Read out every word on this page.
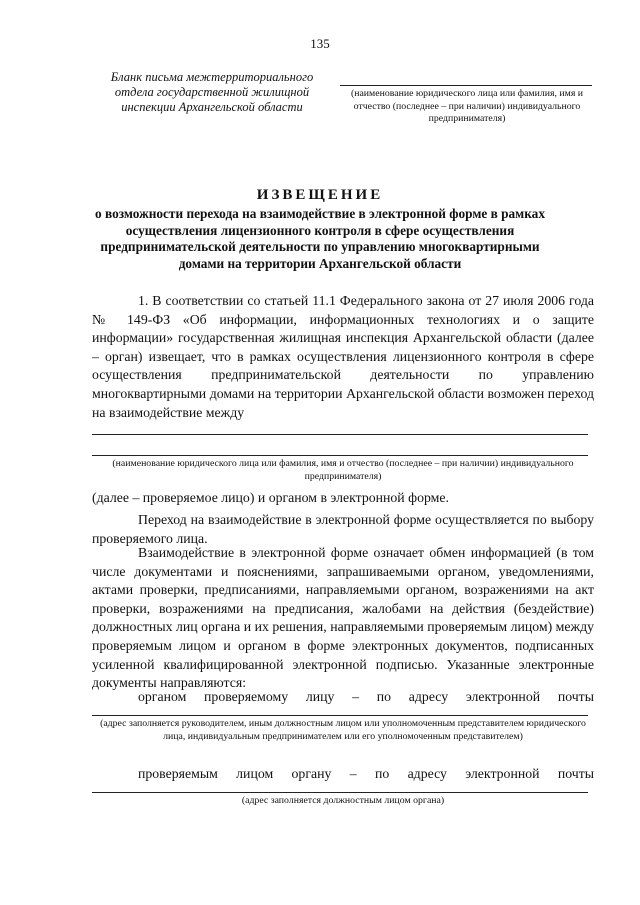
135
Бланк письма межтерриториального отдела государственной жилищной инспекции Архангельской области
(наименование юридического лица или фамилия, имя и отчество (последнее – при наличии) индивидуального предпринимателя)
ИЗВЕЩЕНИЕ
о возможности перехода на взаимодействие в электронной форме в рамках осуществления лицензионного контроля в сфере осуществления предпринимательской деятельности по управлению многоквартирными домами на территории Архангельской области
1. В соответствии со статьей 11.1 Федерального закона от 27 июля 2006 года № 149-ФЗ «Об информации, информационных технологиях и о защите информации» государственная жилищная инспекция Архангельской области (далее – орган) извещает, что в рамках осуществления лицензионного контроля в сфере осуществления предпринимательской деятельности по управлению многоквартирными домами на территории Архангельской области возможен переход на взаимодействие между
(наименование юридического лица или фамилия, имя и отчество (последнее – при наличии) индивидуального предпринимателя)
(далее – проверяемое лицо) и органом в электронной форме.
Переход на взаимодействие в электронной форме осуществляется по выбору проверяемого лица.
Взаимодействие в электронной форме означает обмен информацией (в том числе документами и пояснениями, запрашиваемыми органом, уведомлениями, актами проверки, предписаниями, направляемыми органом, возражениями на акт проверки, возражениями на предписания, жалобами на действия (бездействие) должностных лиц органа и их решения, направляемыми проверяемым лицом) между проверяемым лицом и органом в форме электронных документов, подписанных усиленной квалифицированной электронной подписью. Указанные электронные документы направляются:
органом проверяемому лицу – по адресу электронной почты
(адрес заполняется руководителем, иным должностным лицом или уполномоченным представителем юридического лица, индивидуальным предпринимателем или его уполномоченным представителем)
проверяемым лицом органу – по адресу электронной почты
(адрес заполняется должностным лицом органа)
